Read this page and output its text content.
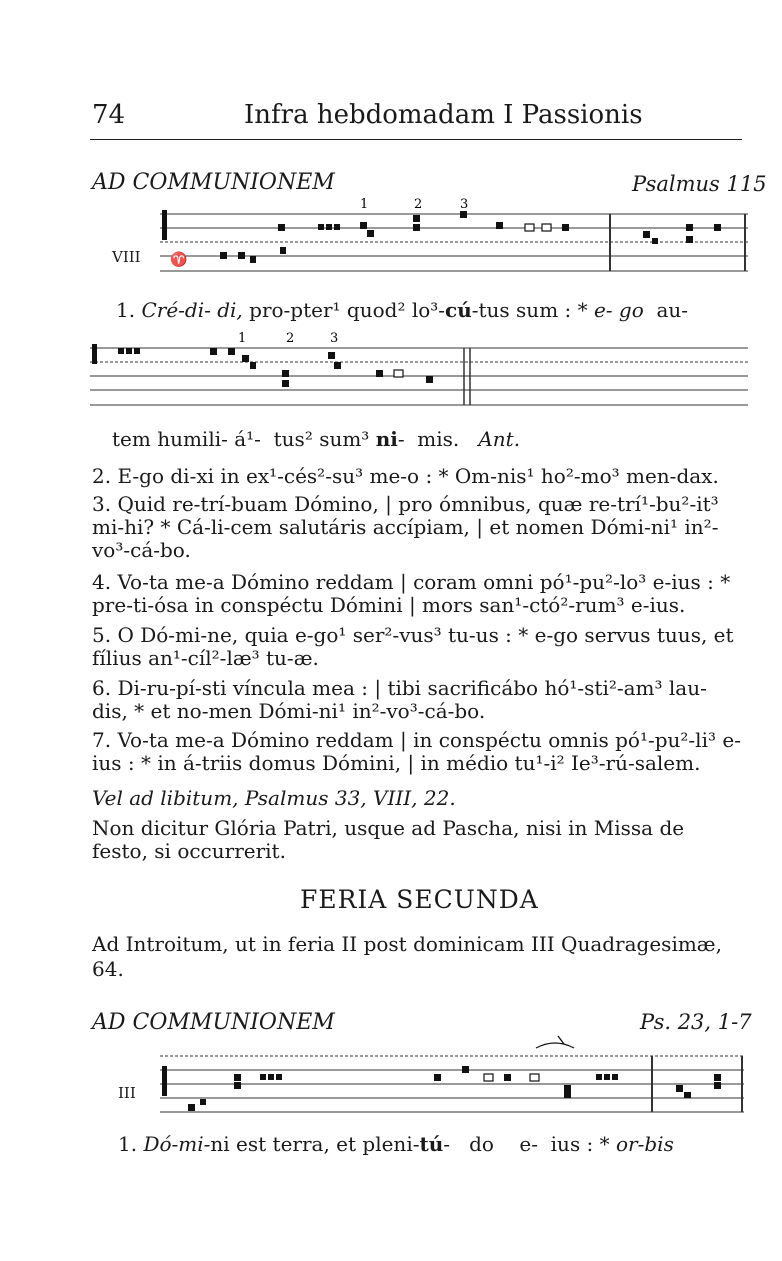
74	Infra hebdomadam I Passionis
AD COMMUNIONEM	Psalmus 115
♈
1	2	3
VIII
1. Cré-di- di, pro-pter¹ quod² lo³-cú-tus sum : * e- go  au-
1	2	3
tem humili- á¹-  tus² sum³ ni-  mis.   Ant.
2. E-go di-xi in ex¹-cés²-su³ me-o : * Om-nis¹ ho²-mo³ men-dax.
3. Quid re-trí-buam Dómino, | pro ómnibus, quæ re-trí¹-bu²-it³ mi-hi? * Cá-li-cem salutáris accípiam, | et nomen Dómi-ni¹ in²-vo³-cá-bo.
4. Vo-ta me-a Dómino reddam | coram omni pó¹-pu²-lo³ e-ius : * pre-ti-ósa in conspéctu Dómini | mors san¹-ctó²-rum³ e-ius.
5. O Dó-mi-ne, quia e-go¹ ser²-vus³ tu-us : * e-go servus tuus, et fílius an¹-cíl²-læ³ tu-æ.
6. Di-ru-pí-sti víncula mea : | tibi sacrificábo hó¹-sti²-am³ lau-dis, * et no-men Dómi-ni¹ in²-vo³-cá-bo.
7. Vo-ta me-a Dómino reddam | in conspéctu omnis pó¹-pu²-li³ e-ius : * in á-triis domus Dómini, | in médio tu¹-i² Ie³-rú-salem.
Vel ad libitum, Psalmus 33, VIII, 22.
Non dicitur Glória Patri, usque ad Pascha, nisi in Missa de festo, si occurrerit.
FERIA SECUNDA
Ad Introitum, ut in feria II post dominicam III Quadragesimæ, 64.
AD COMMUNIONEM	Ps. 23, 1-7
III
1. Dó-mi-ni est terra, et pleni-tú-   do    e-  ius : * or-bis
